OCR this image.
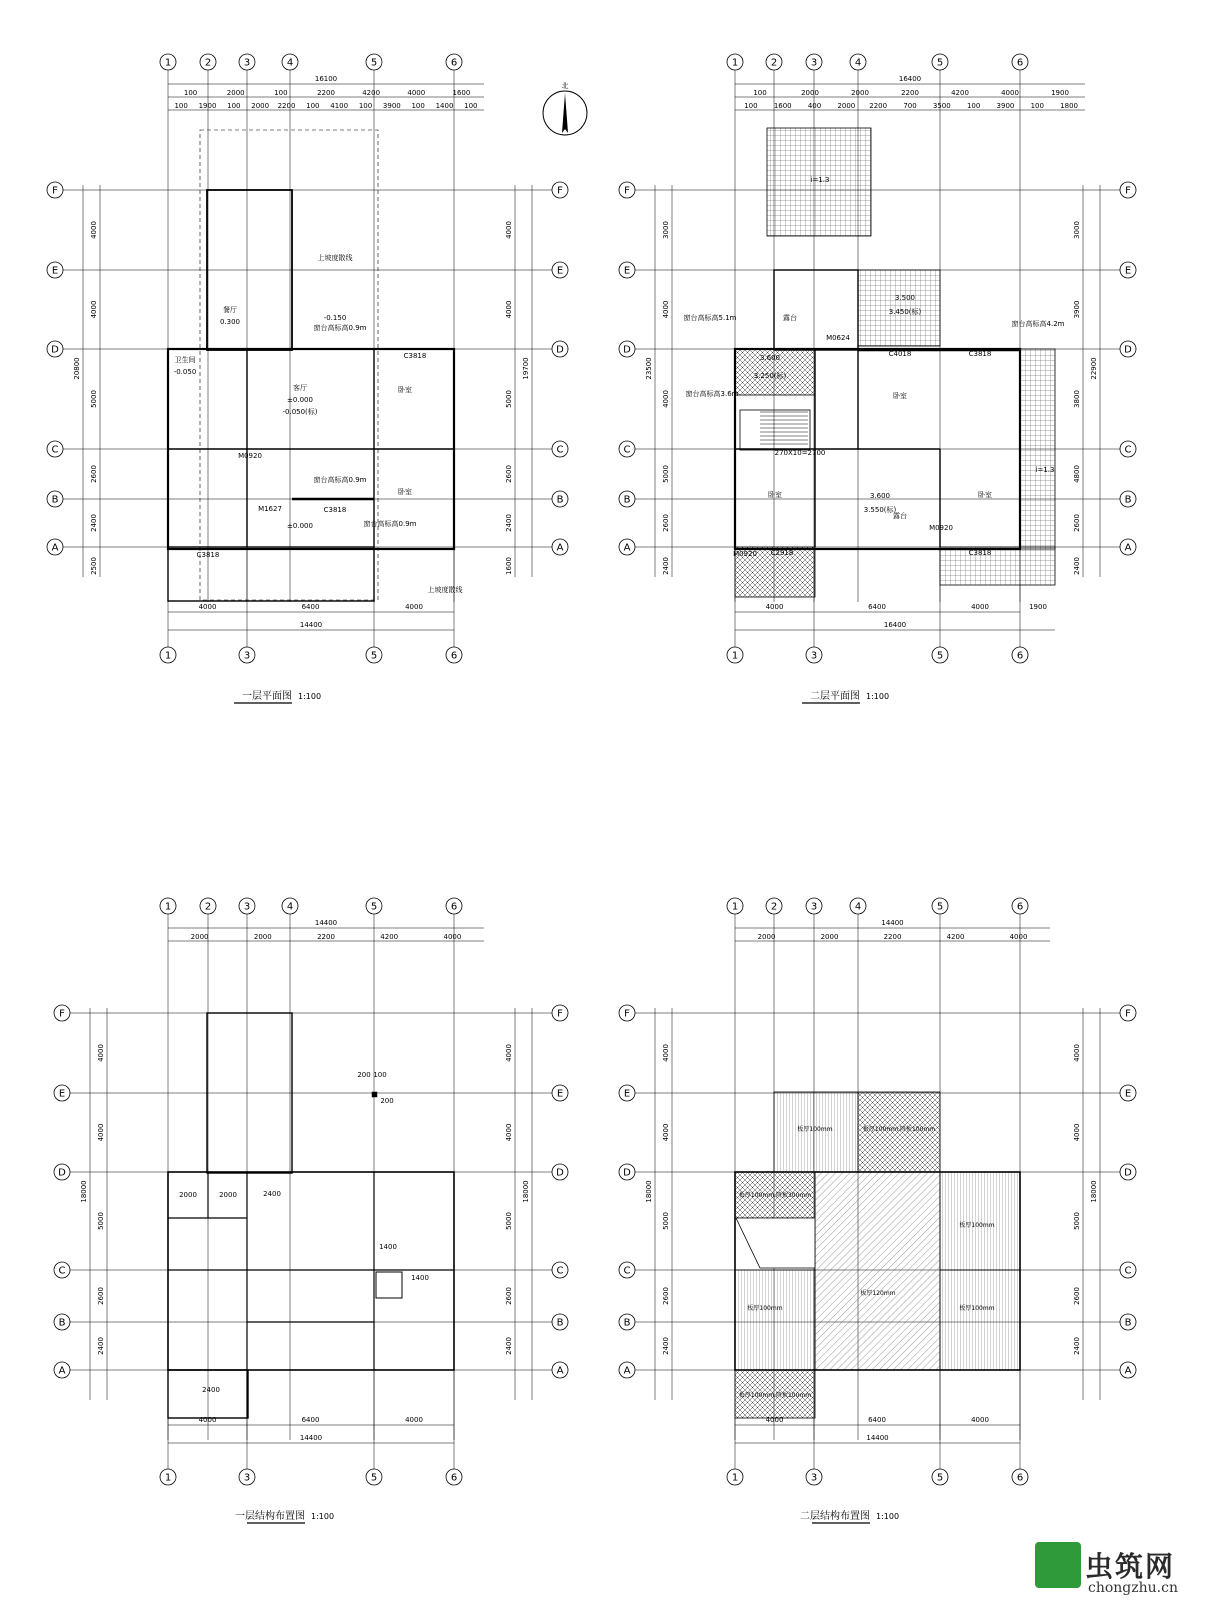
1	2	3	4	5	6
1	3	5	6
F	F
E	E
D	D
C	C
B	B
A	A
16100
100	2000	100	2200	4200	4000	1600
100 1900 100 2000 2200 100 4100 100 3900 100 1400 100
4000	6400	4000
14400
4000
4000
5000
2600
2400
2500
4000
4000
5000
2600
2400
1600
20800	19700
一层平面图 1:100
1	2	3	4	5	6
1	3	5	6
F	F
E	E
D	D
C	C
B	B
A	A
16400
100	2000	2000	2200	4200	4000	1900
100 1600 400 2000 2200 700 3500 100 3900 100 1800
4000	6400	4000	1900
16400
3000
4000
4000
5000
2600
2400
3000
3900
3800
4800
2600
2400
23500	22900
二层平面图 1:100
1	2	3	4	5	6
1	3	5	6
F	F
E	E
D	D
C	C
B	B
A	A
14400
2000	2000	2200	4200	4000
4000	6400	4000
14400
4000
4000
5000
2600
2400
4000
4000
5000
2600
2400
18000	18000
一层结构布置图 1:100
1	2	3	4	5	6
1	3	5	6
F	F
E	E
D	D
C	C
B	B
A	A
14400
2000	2000	2200	4200	4000
4000	6400	4000
14400
4000
4000
5000
2600
2400
4000
4000
5000
2600
2400
18000	18000
二层结构布置图 1:100
北
客厅
±0.000
-0.050(标)
餐厅
0.300	-0.150
卧室
卧室
卫生间
-0.050
M0920
M1627	C3818
C3818
C3818
±0.000
窗台高标高0.9m
窗台高标高0.9m
窗台高标高0.9m
上坡度散线
上坡度散线
卧室
卧室	卧室
露台
露台
3.500
3.450(标)
3.600
3.550(标)
3.600
3.250(标)
C4018	C3818
C2918	C3818
M0624
M0920
M0920
270X10=2700
i=1.3
i=1.3
窗台高标高4.2m
窗台高标高3.6m
窗台高标高5.1m
2000	2000	2400
1400
1400
2400
200 100
200
板厚100mm	板厚100mm,降板100mm
板厚100mm,降板300mm
板厚100mm
板厚120mm
板厚100mm	板厚100mm
板厚100mm,降板100mm
虫筑网
chongzhu.cn
